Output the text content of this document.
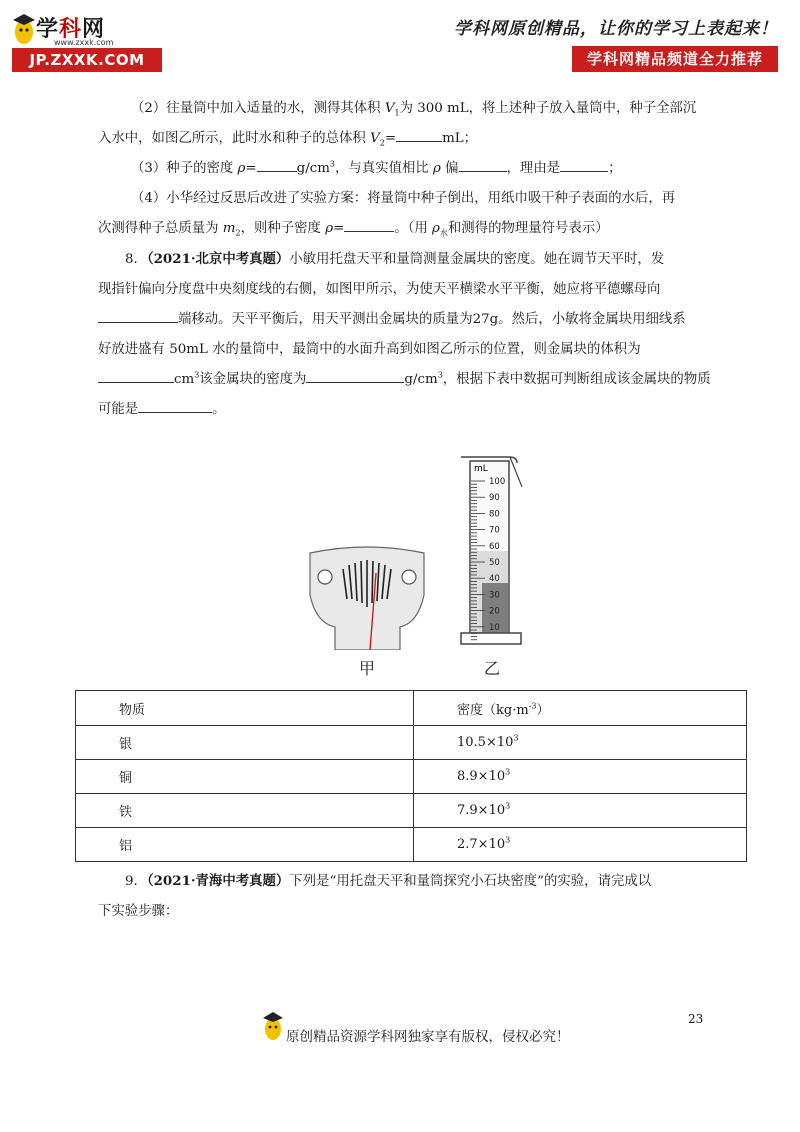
学科网
www.zxxk.com
JP.ZXXK.COM
学科网原创精品，让你的学习上表起来！
学科网精品频道全力推荐
（2）往量筒中加入适量的水，测得其体积 $V_1$为 300 mL，将上述种子放入量筒中，种子全部沉
入水中，如图乙所示，此时水和种子的总体积 $V_2=$	mL；
（3）种子的密度 ρ=	$g/cm^3$，与真实值相比 ρ 偏	，理由是	；
（4）小华经过反思后改进了实验方案：将量筒中种子倒出，用纸巾吸干种子表面的水后，再
次测得种子总质量为 $m_2$，则种子密度 ρ=	。（用 $\rho_水$和测得的物理量符号表示）
8．（2021·北京中考真题）小敏用托盘天平和量筒测量金属块的密度。她在调节天平时，发
现指针偏向分度盘中央刻度线的右侧，如图甲所示，为使天平横梁水平平衡，她应将平德螺母向
端移动。天平平衡后，用天平测出金属块的质量为27g。然后，小敏将金属块用细线系
好放进盛有 50mL 水的量筒中，最筒中的水面升高到如图乙所示的位置，则金属块的体积为
$cm^3$该金属块的密度为	$g/cm^3$，根据下表中数据可判断组成该金属块的物质
可能是	。
mL
100
90
80
70
60
50
40
30
20
10
甲	乙
物质	密度$(kg\cdot m^{-3})$
银	$10.5\times 10^3$
铜	$8.9\times 10^3$
铁	$7.9\times 10^3$
铝	$2.7\times 10^3$
9．（2021·青海中考真题）下列是“用托盘天平和量筒探究小石块密度”的实验，请完成以
下实验步骤：
23
原创精品资源学科网独家享有版权，侵权必究！
